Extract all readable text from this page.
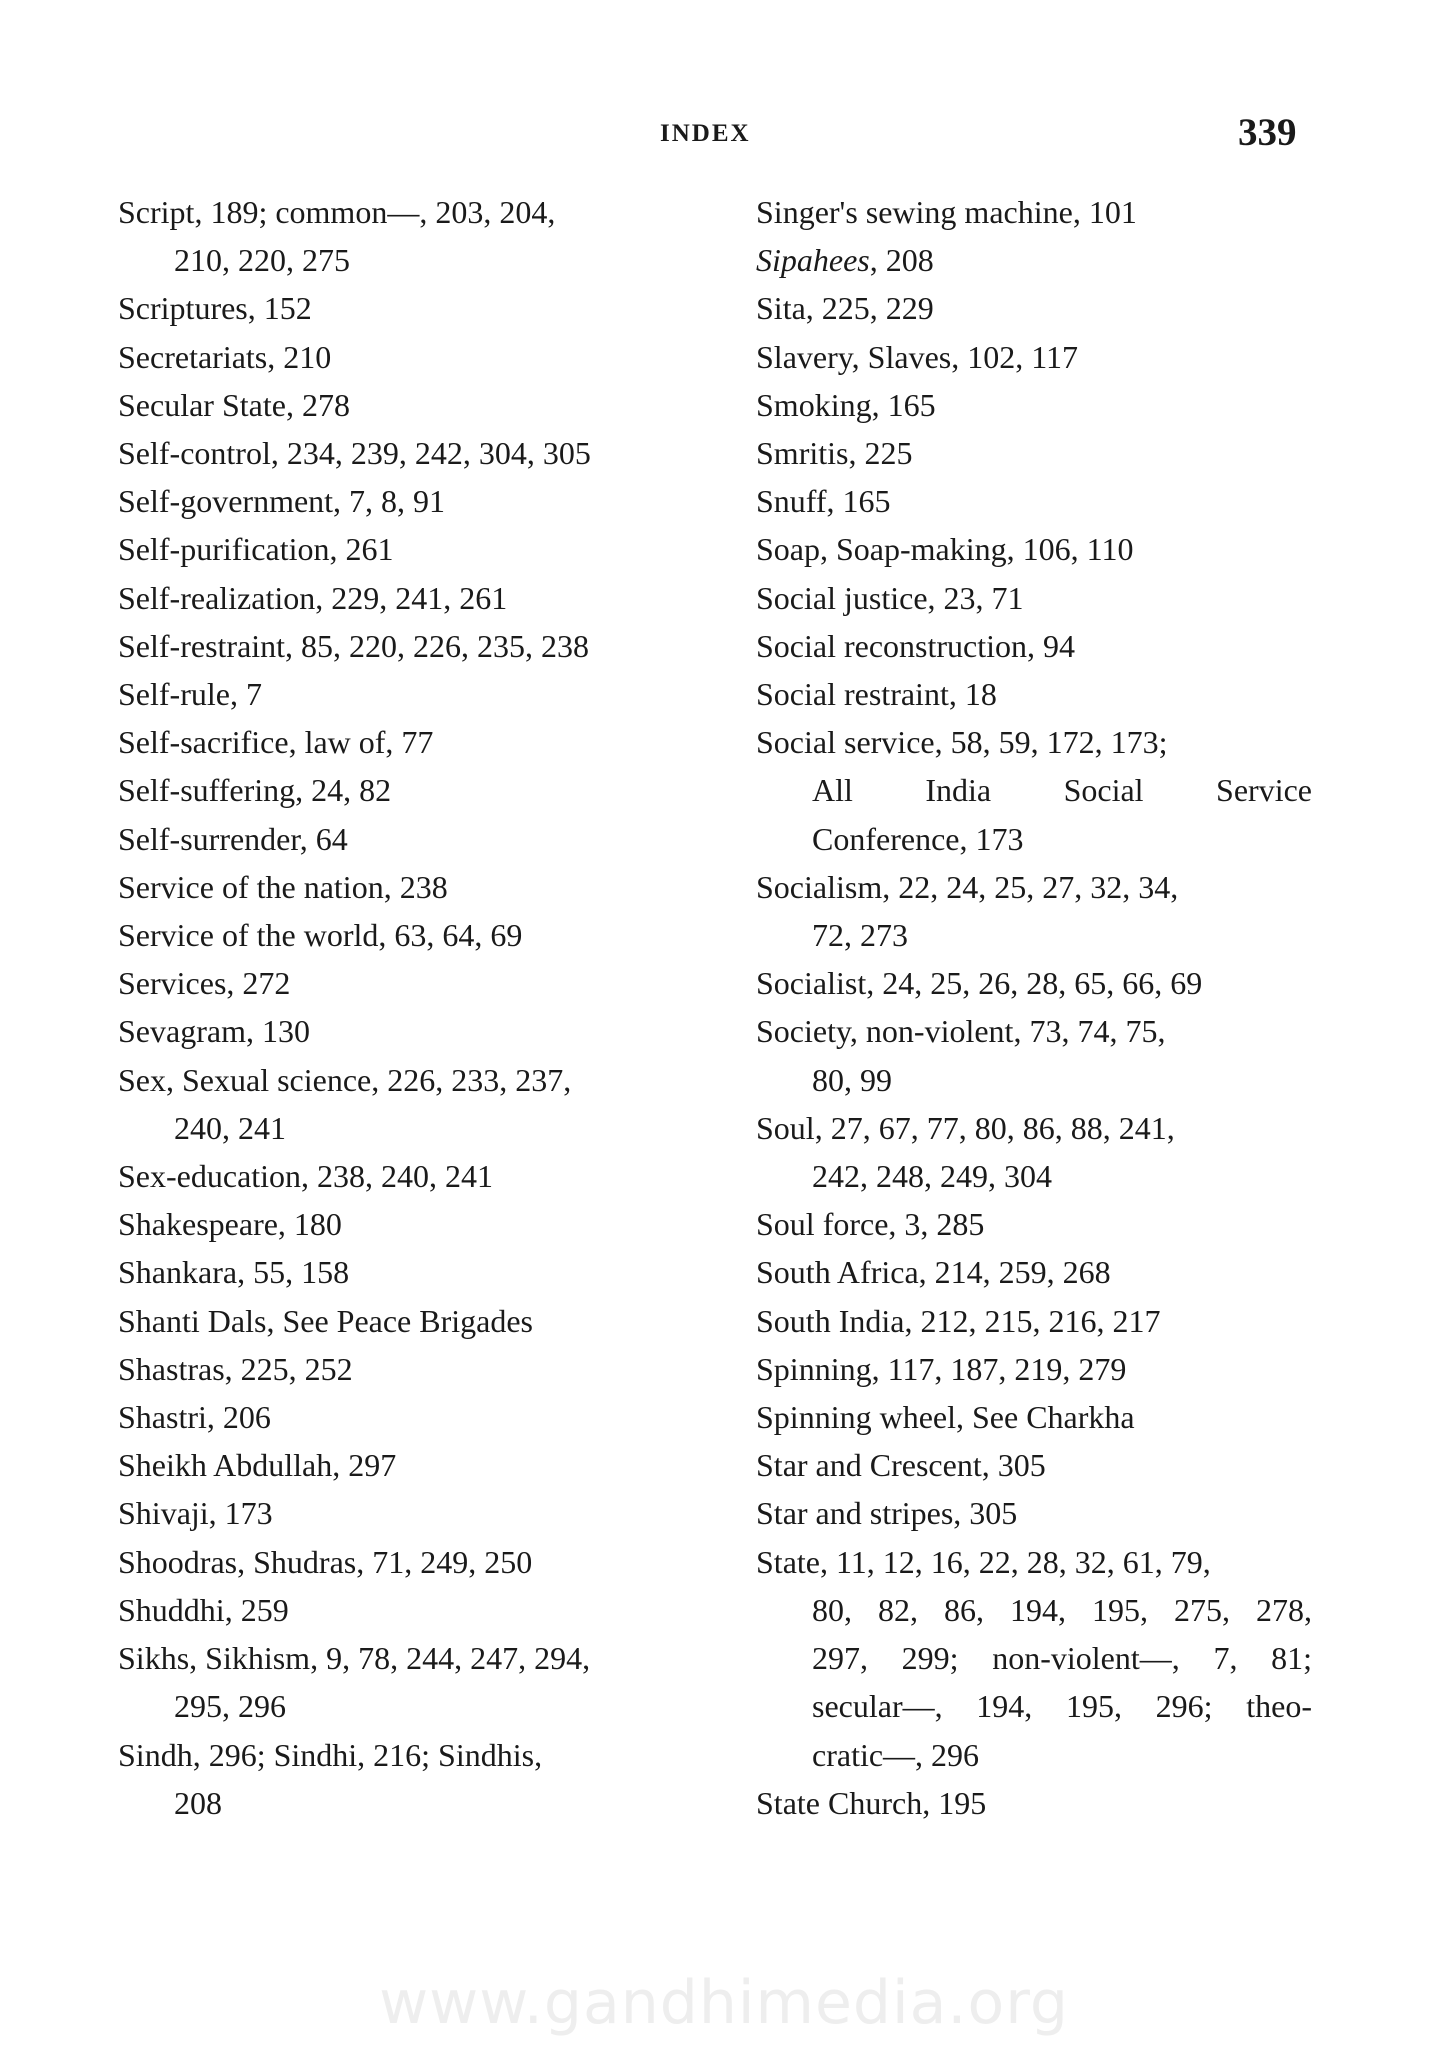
INDEX	339
Script, 189; common—, 203, 204,
210, 220, 275
Scriptures, 152
Secretariats, 210
Secular State, 278
Self-control, 234, 239, 242, 304, 305
Self-government, 7, 8, 91
Self-purification, 261
Self-realization, 229, 241, 261
Self-restraint, 85, 220, 226, 235, 238
Self-rule, 7
Self-sacrifice, law of, 77
Self-suffering, 24, 82
Self-surrender, 64
Service of the nation, 238
Service of the world, 63, 64, 69
Services, 272
Sevagram, 130
Sex, Sexual science, 226, 233, 237,
240, 241
Sex-education, 238, 240, 241
Shakespeare, 180
Shankara, 55, 158
Shanti Dals, See Peace Brigades
Shastras, 225, 252
Shastri, 206
Sheikh Abdullah, 297
Shivaji, 173
Shoodras, Shudras, 71, 249, 250
Shuddhi, 259
Sikhs, Sikhism, 9, 78, 244, 247, 294,
295, 296
Sindh, 296; Sindhi, 216; Sindhis,
208
Singer's sewing machine, 101
Sipahees, 208
Sita, 225, 229
Slavery, Slaves, 102, 117
Smoking, 165
Smritis, 225
Snuff, 165
Soap, Soap-making, 106, 110
Social justice, 23, 71
Social reconstruction, 94
Social restraint, 18
Social service, 58, 59, 172, 173;
All India Social Service
Conference, 173
Socialism, 22, 24, 25, 27, 32, 34,
72, 273
Socialist, 24, 25, 26, 28, 65, 66, 69
Society, non-violent, 73, 74, 75,
80, 99
Soul, 27, 67, 77, 80, 86, 88, 241,
242, 248, 249, 304
Soul force, 3, 285
South Africa, 214, 259, 268
South India, 212, 215, 216, 217
Spinning, 117, 187, 219, 279
Spinning wheel, See Charkha
Star and Crescent, 305
Star and stripes, 305
State, 11, 12, 16, 22, 28, 32, 61, 79,
80, 82, 86, 194, 195, 275, 278,
297, 299; non-violent—, 7, 81;
secular—, 194, 195, 296; theo-
cratic—, 296
State Church, 195
www.gandhimedia.org
